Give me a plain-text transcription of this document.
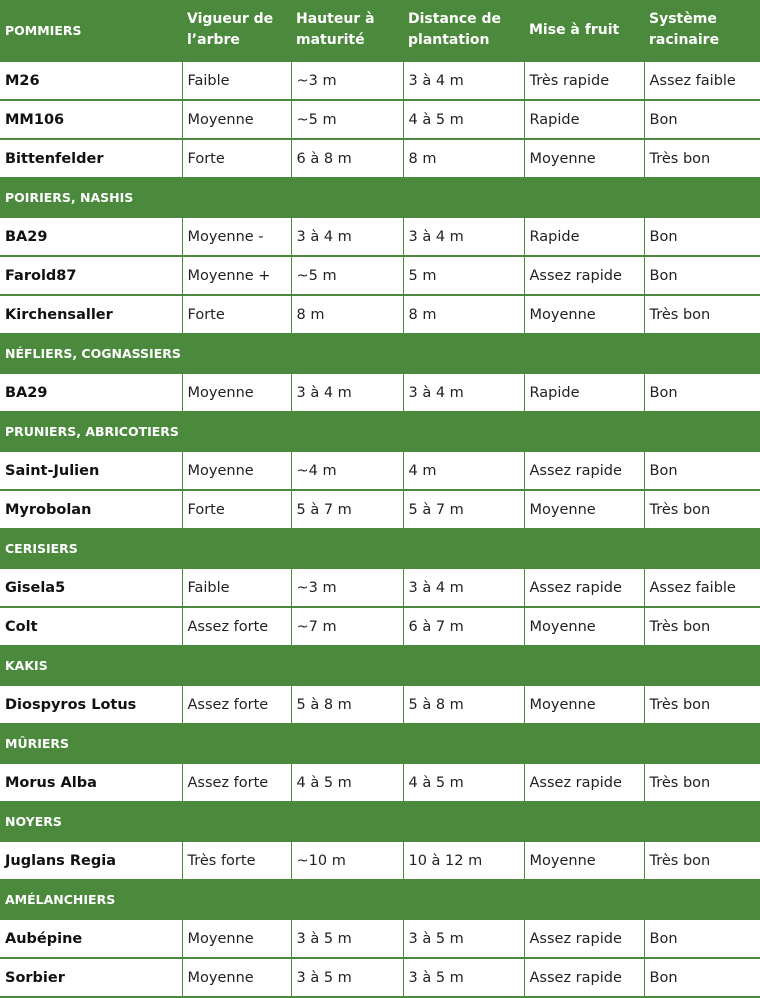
POMMIERS	Vigueur de l’arbre	Hauteur à maturité	Distance de plantation	Mise à fruit	Système racinaire
M26	Faible	~3 m	3 à 4 m	Très rapide	Assez faible
MM106	Moyenne	~5 m	4 à 5 m	Rapide	Bon
Bittenfelder	Forte	6 à 8 m	8 m	Moyenne	Très bon
POIRIERS, NASHIS					
BA29	Moyenne -	3 à 4 m	3 à 4 m	Rapide	Bon
Farold87	Moyenne +	~5 m	5 m	Assez rapide	Bon
Kirchensaller	Forte	8 m	8 m	Moyenne	Très bon
NÉFLIERS, COGNASSIERS					
BA29	Moyenne	3 à 4 m	3 à 4 m	Rapide	Bon
PRUNIERS, ABRICOTIERS					
Saint-Julien	Moyenne	~4 m	4 m	Assez rapide	Bon
Myrobolan	Forte	5 à 7 m	5 à 7 m	Moyenne	Très bon
CERISIERS					
Gisela5	Faible	~3 m	3 à 4 m	Assez rapide	Assez faible
Colt	Assez forte	~7 m	6 à 7 m	Moyenne	Très bon
KAKIS					
Diospyros Lotus	Assez forte	5 à 8 m	5 à 8 m	Moyenne	Très bon
MÛRIERS					
Morus Alba	Assez forte	4 à 5 m	4 à 5 m	Assez rapide	Très bon
NOYERS					
Juglans Regia	Très forte	~10 m	10 à 12 m	Moyenne	Très bon
AMÉLANCHIERS					
Aubépine	Moyenne	3 à 5 m	3 à 5 m	Assez rapide	Bon
Sorbier	Moyenne	3 à 5 m	3 à 5 m	Assez rapide	Bon
